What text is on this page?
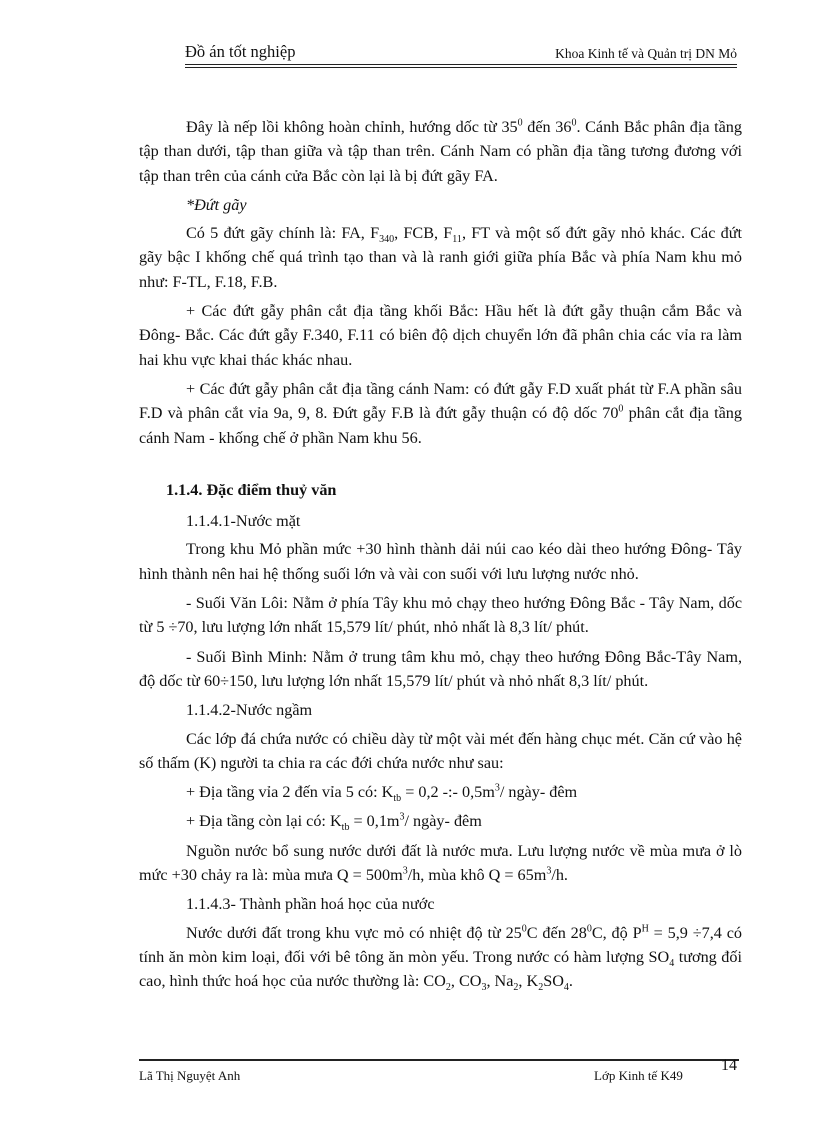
Đồ án tốt nghiệp	Khoa Kinh tế và Quản trị DN Mỏ

Đây là nếp lồi không hoàn chỉnh, hướng dốc từ $35^0$ đến $36^0$. Cánh Bắc phân địa tầng tập than dưới, tập than giữa và tập than trên. Cánh Nam có phần địa tầng tương đương với tập than trên của cánh cửa Bắc còn lại là bị đứt gãy FA.

*Đứt gãy

Có 5 đứt gãy chính là: FA, $F_{340}$, FCB, $F_{11}$, FT và một số đứt gãy nhỏ khác. Các đứt gãy bậc I khống chế quá trình tạo than và là ranh giới giữa phía Bắc và phía Nam khu mỏ như: F-TL, F.18, F.B.

+ Các đứt gẫy phân cắt địa tầng khối Bắc: Hầu hết là đứt gẫy thuận cắm Bắc và Đông- Bắc. Các đứt gẫy F.340, F.11 có biên độ dịch chuyển lớn đã phân chia các vỉa ra làm hai khu vực khai thác khác nhau.

+ Các đứt gẫy phân cắt địa tầng cánh Nam: có đứt gẫy F.D xuất phát từ F.A phần sâu F.D và phân cắt vỉa 9a, 9, 8. Đứt gẫy F.B là đứt gẫy thuận có độ dốc $70^0$ phân cắt địa tầng cánh Nam - khống chế ở phần Nam khu 56.

1.1.4. Đặc điểm thuỷ văn

1.1.4.1-Nước mặt

Trong khu Mỏ phần mức +30 hình thành dải núi cao kéo dài theo hướng Đông- Tây hình thành nên hai hệ thống suối lớn và vài con suối với lưu lượng nước nhỏ.

- Suối Văn Lôi: Nằm ở phía Tây khu mỏ chạy theo hướng Đông Bắc - Tây Nam, dốc từ 5 ÷70, lưu lượng lớn nhất 15,579 lít/ phút, nhỏ nhất là 8,3 lít/ phút.

- Suối Bình Minh: Nằm ở trung tâm khu mỏ, chạy theo hướng Đông Bắc-Tây Nam, độ dốc từ 60÷150, lưu lượng lớn nhất 15,579 lít/ phút và nhỏ nhất 8,3 lít/ phút.

1.1.4.2-Nước ngầm

Các lớp đá chứa nước có chiều dày từ một vài mét đến hàng chục mét. Căn cứ vào hệ số thấm (K) người ta chia ra các đới chứa nước như sau:

+ Địa tầng vỉa 2 đến vỉa 5 có: $K_{tb} = 0,2$ -:- $0,5m^3/$ ngày- đêm

+ Địa tầng còn lại có: $K_{tb} = 0,1m^3/$ ngày- đêm

Nguồn nước bổ sung nước dưới đất là nước mưa. Lưu lượng nước về mùa mưa ở lò mức +30 chảy ra là: mùa mưa $Q = 500m^3/h$, mùa khô $Q = 65m^3/h$.

1.1.4.3- Thành phần hoá học của nước

Nước dưới đất trong khu vực mỏ có nhiệt độ từ $25^0C$ đến $28^0C$, độ $P^H = 5,9 \div 7,4$ có tính ăn mòn kim loại, đối với bê tông ăn mòn yếu. Trong nước có hàm lượng $SO_4$ tương đối cao, hình thức hoá học của nước thường là: $CO_2$, $CO_3$, $Na_2$, $K_2SO_4$.

Lã Thị Nguyệt Anh	Lớp Kinh tế K49
14
